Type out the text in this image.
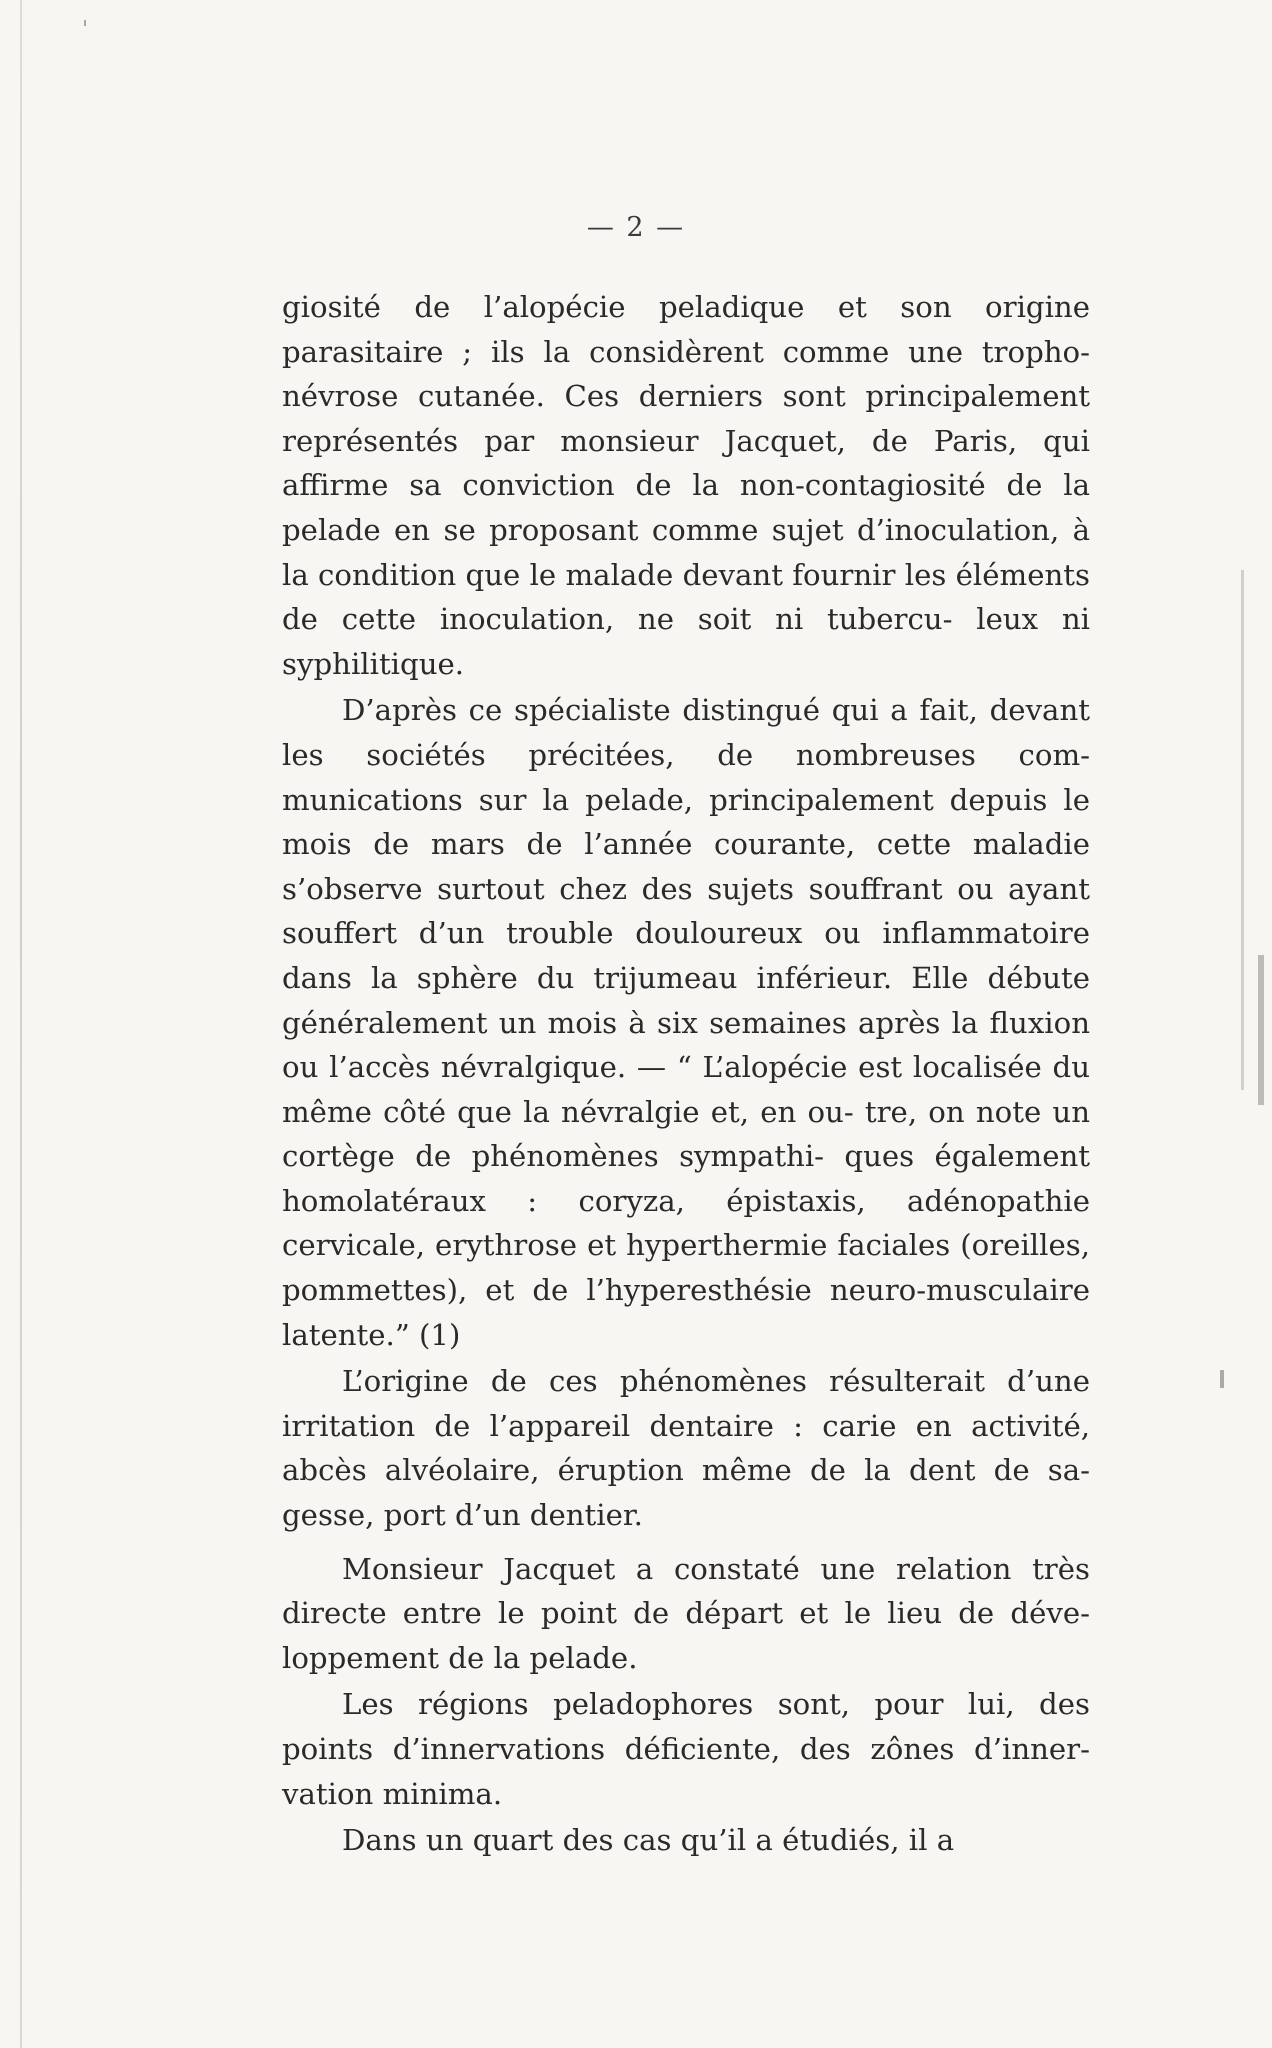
— 2 —

giosité de l’alopécie peladique et son origine parasitaire ; ils la considèrent comme une tropho- névrose cutanée. Ces derniers sont principalement représentés par monsieur Jacquet, de Paris, qui affirme sa conviction de la non-contagiosité de la pelade en se proposant comme sujet d’inoculation, à la condition que le malade devant fournir les éléments de cette inoculation, ne soit ni tubercu- leux ni syphilitique.

D’après ce spécialiste distingué qui a fait, devant les sociétés précitées, de nombreuses com- munications sur la pelade, principalement depuis le mois de mars de l’année courante, cette maladie s’observe surtout chez des sujets souffrant ou ayant souffert d’un trouble douloureux ou inflammatoire dans la sphère du trijumeau inférieur. Elle débute généralement un mois à six semaines après la fluxion ou l’accès névralgique. — “ L’alopécie est localisée du même côté que la névralgie et, en ou- tre, on note un cortège de phénomènes sympathi- ques également homolatéraux : coryza, épistaxis, adénopathie cervicale, erythrose et hyperthermie faciales (oreilles, pommettes), et de l’hyperesthésie neuro-musculaire latente.” (1)

L’origine de ces phénomènes résulterait d’une irritation de l’appareil dentaire : carie en activité, abcès alvéolaire, éruption même de la dent de sa- gesse, port d’un dentier.

Monsieur Jacquet a constaté une relation très directe entre le point de départ et le lieu de déve- loppement de la pelade.

Les régions peladophores sont, pour lui, des points d’innervations déficiente, des zônes d’inner- vation minima.

Dans un quart des cas qu’il a étudiés, il a
